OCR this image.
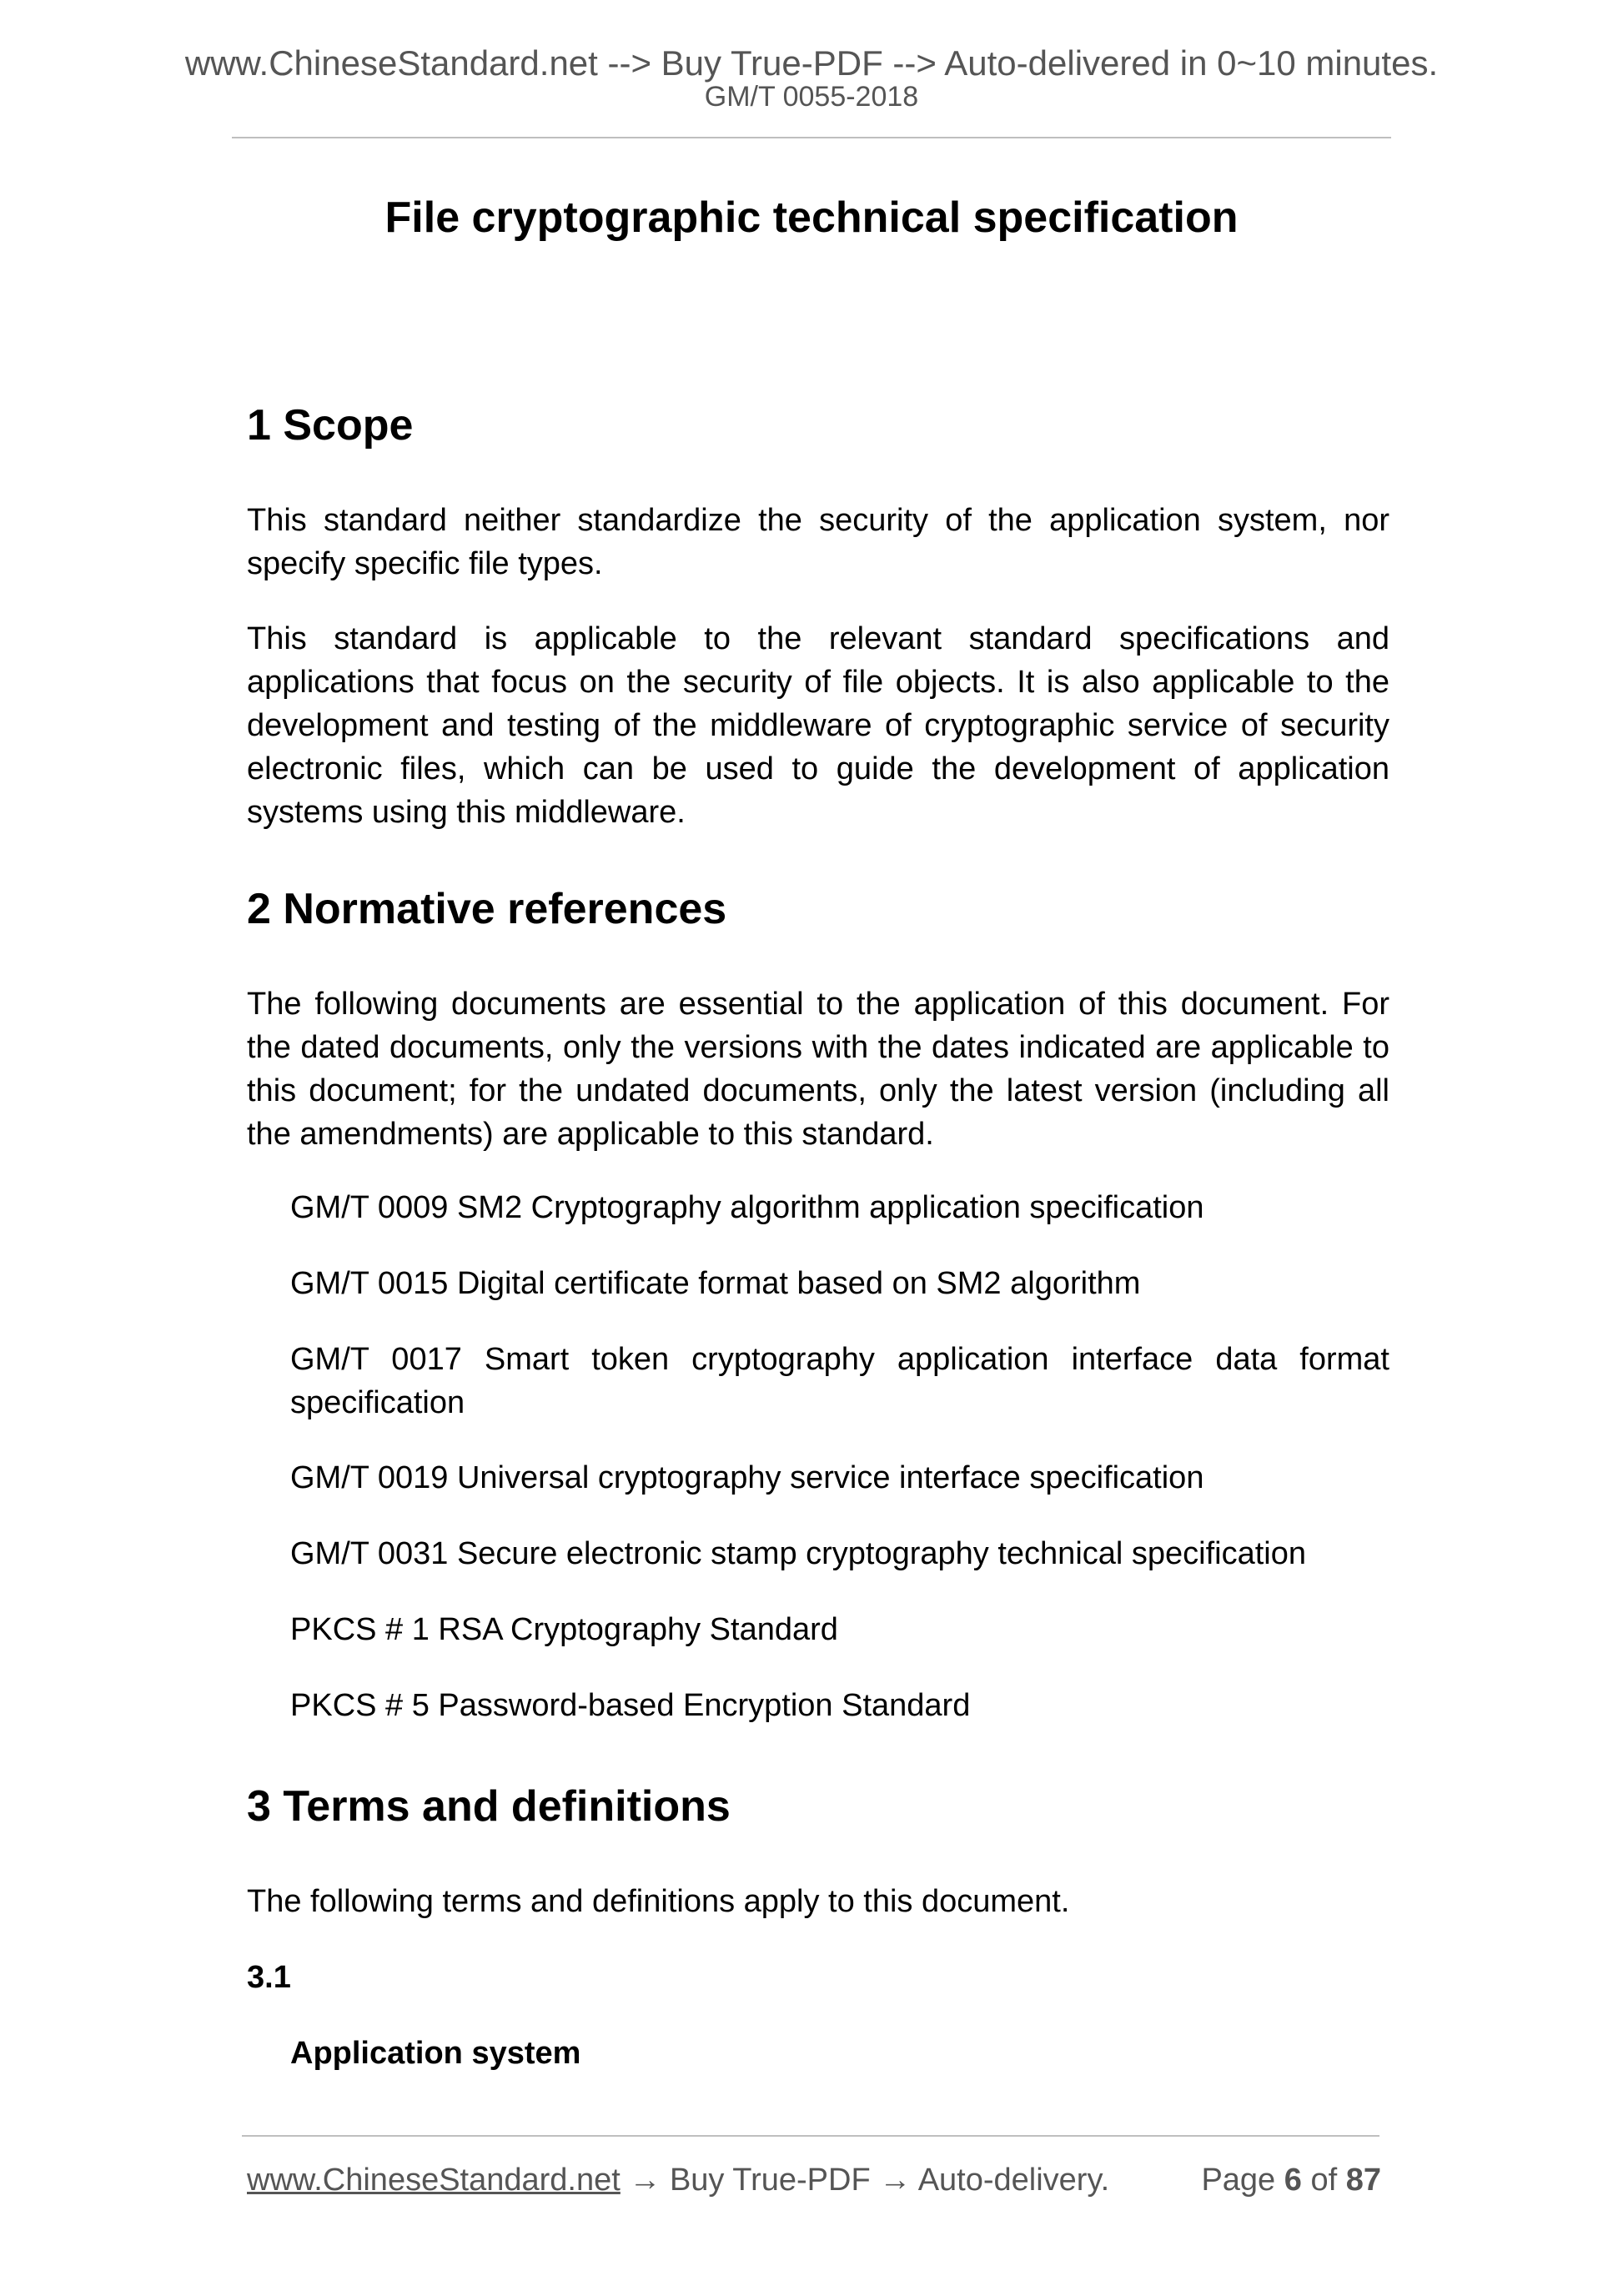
www.ChineseStandard.net --> Buy True-PDF --> Auto-delivered in 0~10 minutes.
GM/T 0055-2018
File cryptographic technical specification
1 Scope

This standard neither standardize the security of the application system, nor specify specific file types.

This standard is applicable to the relevant standard specifications and applications that focus on the security of file objects. It is also applicable to the development and testing of the middleware of cryptographic service of security electronic files, which can be used to guide the development of application systems using this middleware.

2 Normative references

The following documents are essential to the application of this document. For the dated documents, only the versions with the dates indicated are applicable to this document; for the undated documents, only the latest version (including all the amendments) are applicable to this standard.

GM/T 0009 SM2 Cryptography algorithm application specification

GM/T 0015 Digital certificate format based on SM2 algorithm

GM/T 0017 Smart token cryptography application interface data format specification

GM/T 0019 Universal cryptography service interface specification

GM/T 0031 Secure electronic stamp cryptography technical specification

PKCS # 1 RSA Cryptography Standard

PKCS # 5 Password-based Encryption Standard

3 Terms and definitions

The following terms and definitions apply to this document.

3.1

Application system

www.ChineseStandard.net → Buy True-PDF → Auto-delivery.	Page 6 of 87
